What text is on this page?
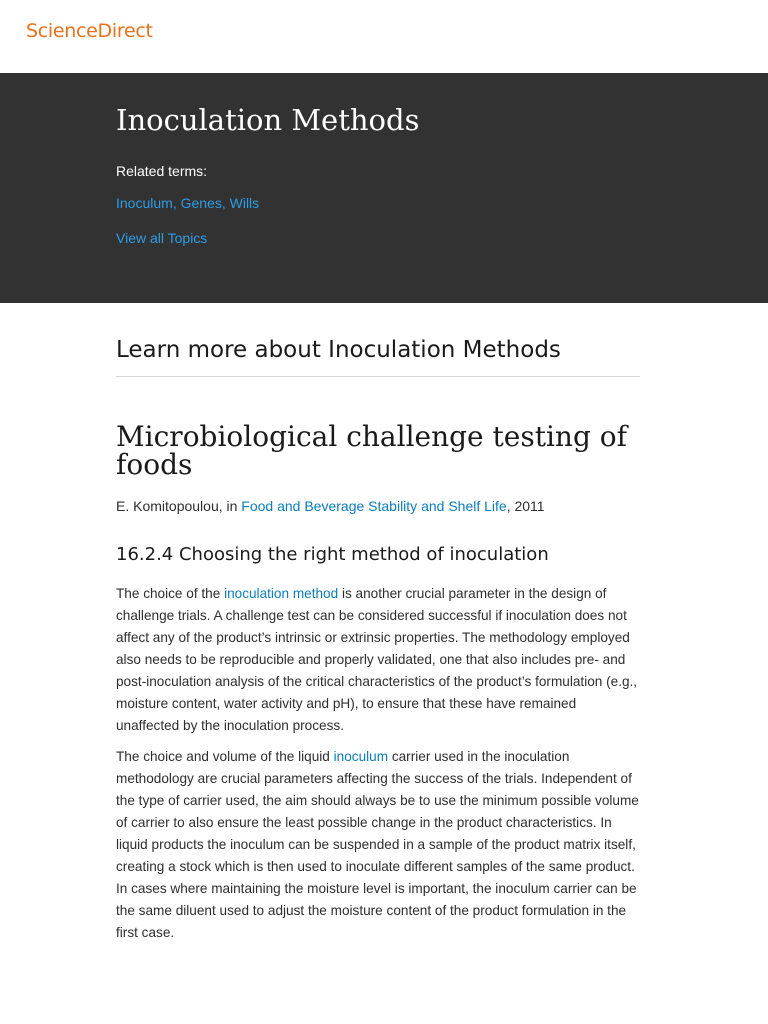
ScienceDirect
Inoculation Methods
Related terms:
Inoculum, Genes, Wills
View all Topics
Learn more about Inoculation Methods
Microbiological challenge testing of foods
E. Komitopoulou, in Food and Beverage Stability and Shelf Life, 2011
16.2.4 Choosing the right method of inoculation

The choice of the inoculation method is another crucial parameter in the design of challenge trials. A challenge test can be considered successful if inoculation does not affect any of the product’s intrinsic or extrinsic properties. The methodology employed also needs to be reproducible and properly validated, one that also includes pre- and post-inoculation analysis of the critical characteristics of the product’s formulation (e.g., moisture content, water activity and pH), to ensure that these have remained unaffected by the inoculation process.

The choice and volume of the liquid inoculum carrier used in the inoculation methodology are crucial parameters affecting the success of the trials. Independent of the type of carrier used, the aim should always be to use the minimum possible volume of carrier to also ensure the least possible change in the product characteristics. In liquid products the inoculum can be suspended in a sample of the product matrix itself, creating a stock which is then used to inoculate different samples of the same product. In cases where maintaining the moisture level is important, the inoculum carrier can be the same diluent used to adjust the moisture content of the product formulation in the first case.
